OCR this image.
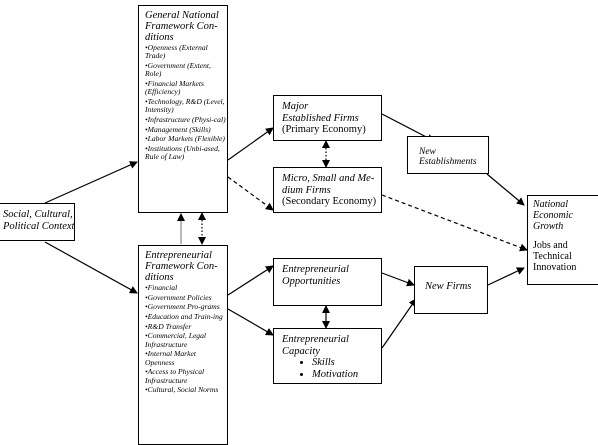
Social, Cultural,
Political Context
General National
Framework Con-
ditions
•Openness (External Trade)
•Government (Extent, Role)
•Financial Markets (Efficiency)
•Technology, R&D (Level, Intensity)
•Infrastructure (Physi-cal)
•Management (Skills)
•Labor Markets (Flexible)
•Institutions (Unbi-ased, Rule of Law)
Entrepreneurial
Framework Con-
ditions
•Financial
•Government Policies
•Government Pro-grams
•Education and Train-ing
•R&D Transfer
•Commercial, Legal Infrastructure
•Internal Market Openness
•Access to Physical Infrastructure
•Cultural, Social Norms
Major
Established Firms
(Primary Economy)
Micro, Small and Me-
dium Firms
(Secondary Economy)
New
Establishments
National
Economic
Growth
Jobs and
Technical
Innovation
Entrepreneurial
Opportunities
Entrepreneurial
Capacity
• Skills
• Motivation
New Firms
